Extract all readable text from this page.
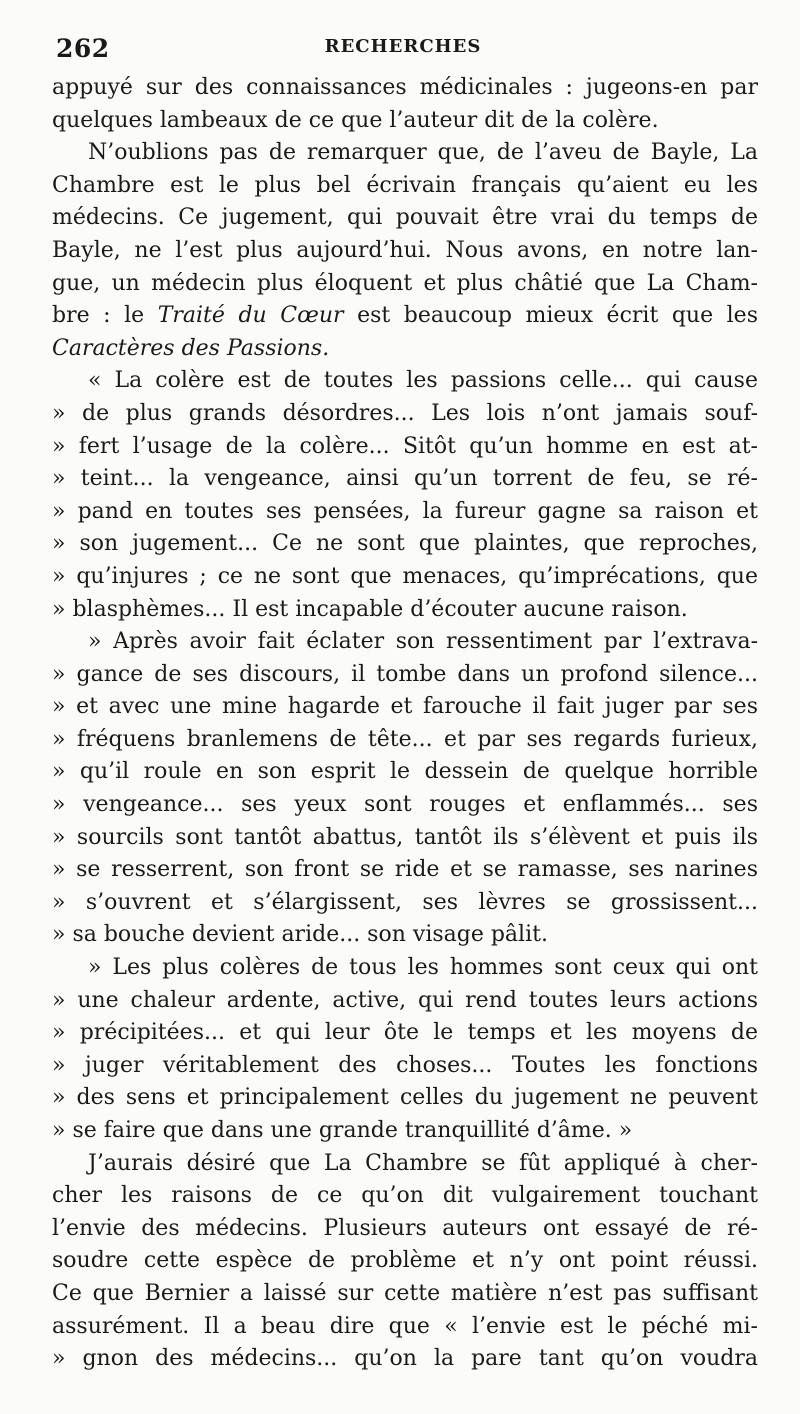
262	RECHERCHES
appuyé sur des connaissances médicinales : jugeons-en par
quelques lambeaux de ce que l’auteur dit de la colère.
N’oublions pas de remarquer que, de l’aveu de Bayle, La
Chambre est le plus bel écrivain français qu’aient eu les
médecins. Ce jugement, qui pouvait être vrai du temps de
Bayle, ne l’est plus aujourd’hui. Nous avons, en notre lan-
gue, un médecin plus éloquent et plus châtié que La Cham-
bre : le Traité du Cœur est beaucoup mieux écrit que les
Caractères des Passions.
« La colère est de toutes les passions celle... qui cause
» de plus grands désordres... Les lois n’ont jamais souf-
» fert l’usage de la colère... Sitôt qu’un homme en est at-
» teint... la vengeance, ainsi qu’un torrent de feu, se ré-
» pand en toutes ses pensées, la fureur gagne sa raison et
» son jugement... Ce ne sont que plaintes, que reproches,
» qu’injures ; ce ne sont que menaces, qu’imprécations, que
» blasphèmes... Il est incapable d’écouter aucune raison.
» Après avoir fait éclater son ressentiment par l’extrava-
» gance de ses discours, il tombe dans un profond silence...
» et avec une mine hagarde et farouche il fait juger par ses
» fréquens branlemens de tête... et par ses regards furieux,
» qu’il roule en son esprit le dessein de quelque horrible
» vengeance... ses yeux sont rouges et enflammés... ses
» sourcils sont tantôt abattus, tantôt ils s’élèvent et puis ils
» se resserrent, son front se ride et se ramasse, ses narines
» s’ouvrent et s’élargissent, ses lèvres se grossissent...
» sa bouche devient aride... son visage pâlit.
» Les plus colères de tous les hommes sont ceux qui ont
» une chaleur ardente, active, qui rend toutes leurs actions
» précipitées... et qui leur ôte le temps et les moyens de
» juger véritablement des choses... Toutes les fonctions
» des sens et principalement celles du jugement ne peuvent
» se faire que dans une grande tranquillité d’âme. »
J’aurais désiré que La Chambre se fût appliqué à cher-
cher les raisons de ce qu’on dit vulgairement touchant
l’envie des médecins. Plusieurs auteurs ont essayé de ré-
soudre cette espèce de problème et n’y ont point réussi.
Ce que Bernier a laissé sur cette matière n’est pas suffisant
assurément. Il a beau dire que « l’envie est le péché mi-
» gnon des médecins... qu’on la pare tant qu’on voudra
